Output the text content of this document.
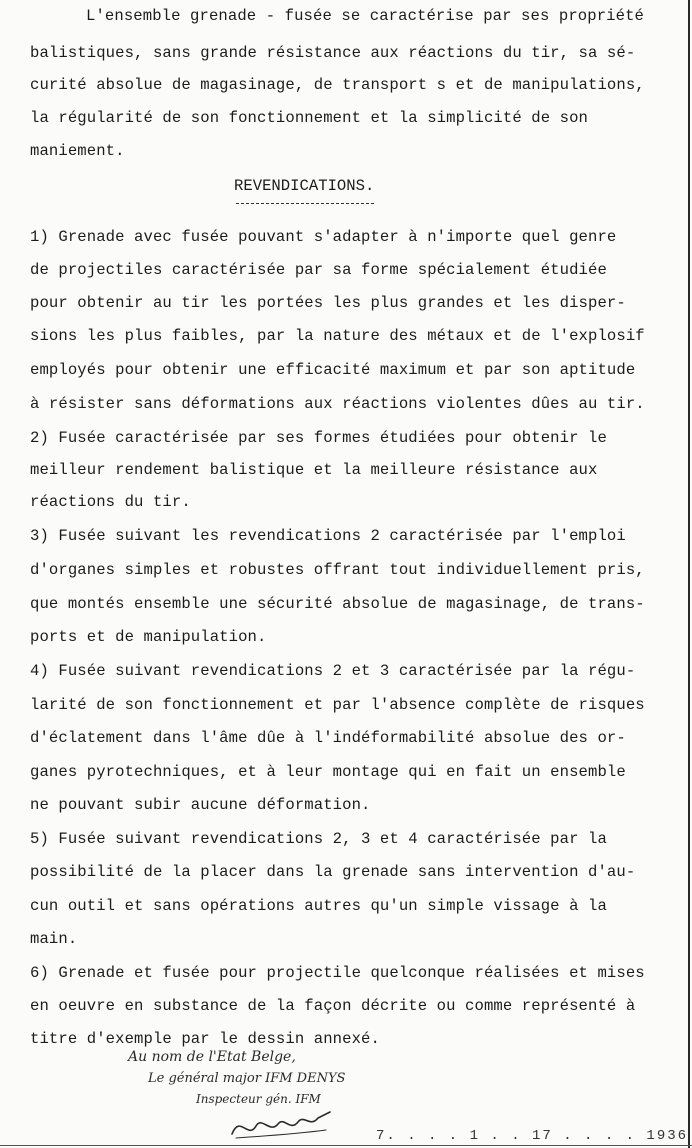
L'ensemble grenade - fusée se caractérise par ses propriété
balistiques, sans grande résistance aux réactions du tir, sa sé-
curité absolue de magasinage, de transport s et de manipulations,
la régularité de son fonctionnement et la simplicité de son
maniement.
REVENDICATIONS.
1) Grenade avec fusée pouvant s'adapter à n'importe quel genre
de projectiles caractérisée par sa forme spécialement étudiée
pour obtenir au tir les portées les plus grandes et les disper-
sions les plus faibles, par la nature des métaux et de l'explosif
employés pour obtenir une efficacité maximum et par son aptitude
à résister sans déformations aux réactions violentes dûes au tir.
2) Fusée caractérisée par ses formes étudiées pour obtenir le
meilleur rendement balistique et la meilleure résistance aux
réactions du tir.
3) Fusée suivant les revendications 2 caractérisée par l'emploi
d'organes simples et robustes offrant tout individuellement pris,
que montés ensemble une sécurité absolue de magasinage, de trans-
ports et de manipulation.
4) Fusée suivant revendications 2 et 3 caractérisée par la régu-
larité de son fonctionnement et par l'absence complète de risques
d'éclatement dans l'âme dûe à l'indéformabilité absolue des or-
ganes pyrotechniques, et à leur montage qui en fait un ensemble
ne pouvant subir aucune déformation.
5) Fusée suivant revendications 2, 3 et 4 caractérisée par la
possibilité de la placer dans la grenade sans intervention d'au-
cun outil et sans opérations autres qu'un simple vissage à la
main.
6) Grenade et fusée pour projectile quelconque réalisées et mises
en oeuvre en substance de la façon décrite ou comme représenté à
titre d'exemple par le dessin annexé.
Au nom de l'Etat Belge,
Le général major IFM DENYS
Inspecteur gén. IFM
7. . . . 1 . . 17 . . . . 1936
